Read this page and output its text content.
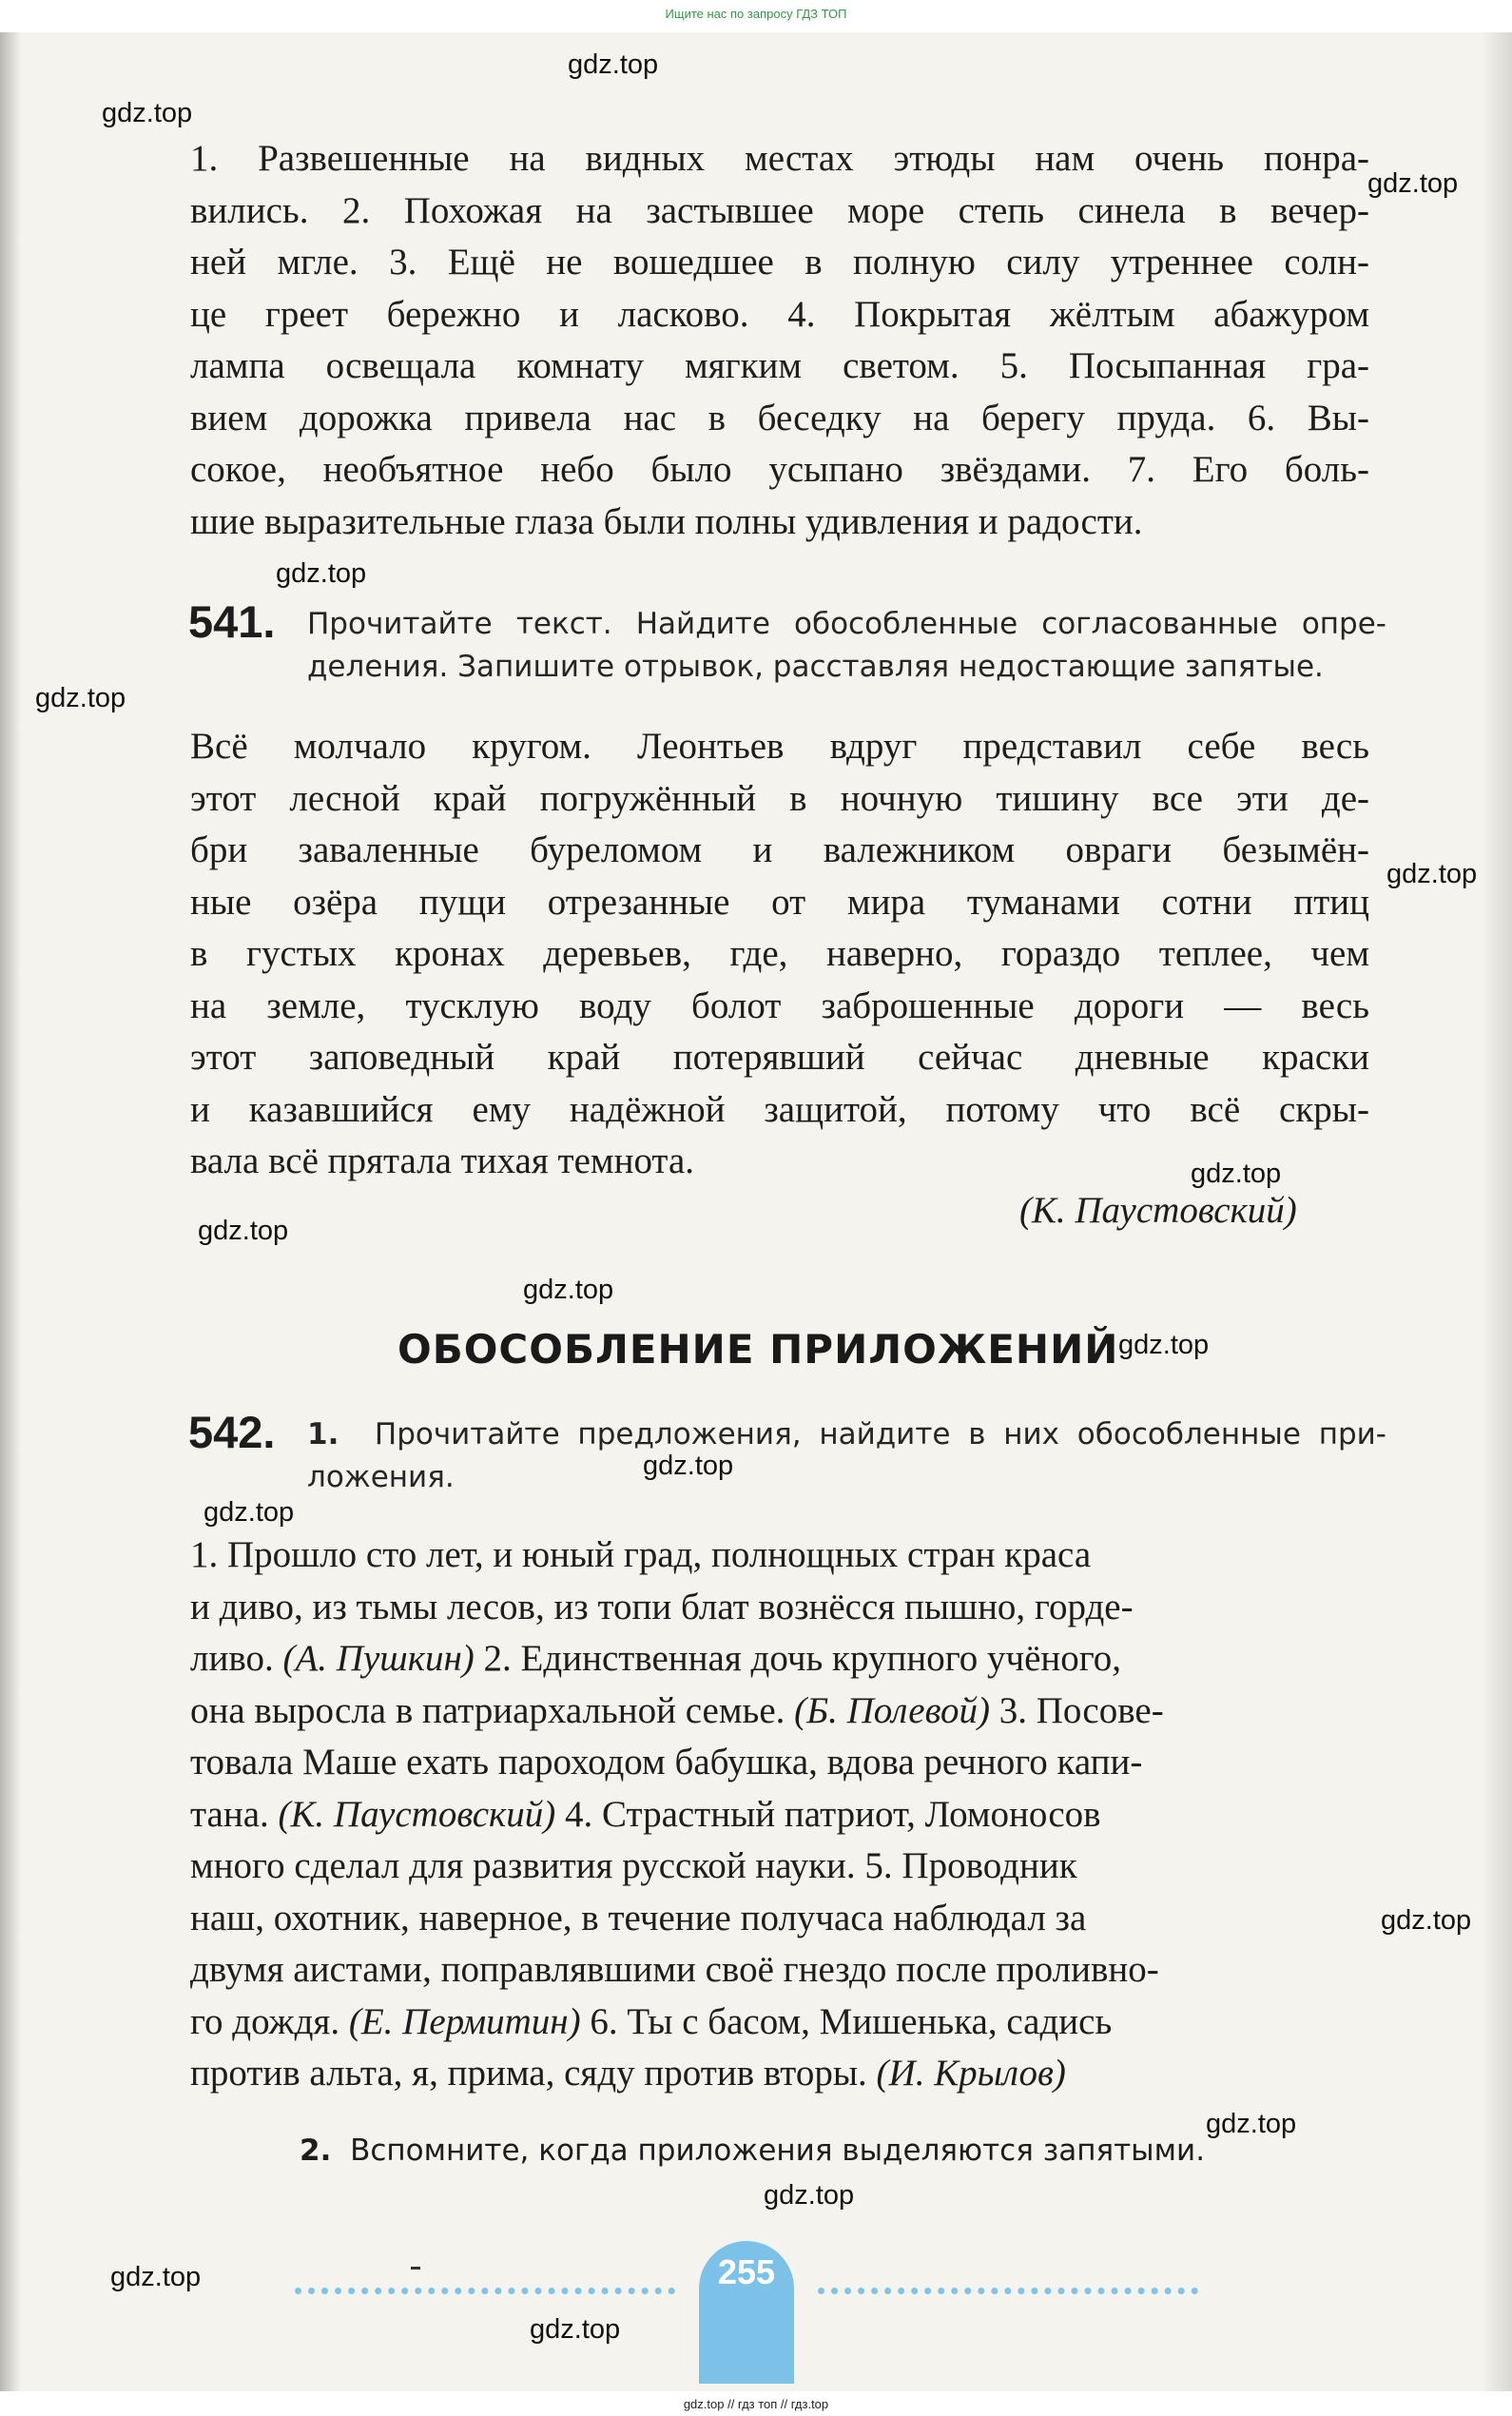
Ищите нас по запросу ГДЗ ТОП
1. Развешенные на видных местах этюды нам очень понра-
вились. 2. Похожая на застывшее море степь синела в вечер-
ней мгле. 3. Ещё не вошедшее в полную силу утреннее солн-
це греет бережно и ласково. 4. Покрытая жёлтым абажуром
лампа освещала комнату мягким светом. 5. Посыпанная гра-
вием дорожка привела нас в беседку на берегу пруда. 6. Вы-
сокое, необъятное небо было усыпано звёздами. 7. Его боль-
шие выразительные глаза были полны удивления и радости.
541. Прочитайте текст. Найдите обособленные согласованные опре-
деления. Запишите отрывок, расставляя недостающие запятые.
Всё молчало кругом. Леонтьев вдруг представил себе весь
этот лесной край погружённый в ночную тишину все эти де-
бри заваленные буреломом и валежником овраги безымён-
ные озёра пущи отрезанные от мира туманами сотни птиц
в густых кронах деревьев, где, наверно, гораздо теплее, чем
на земле, тусклую воду болот заброшенные дороги — весь
этот заповедный край потерявший сейчас дневные краски
и казавшийся ему надёжной защитой, потому что всё скры-
вала всё прятала тихая темнота.
(К. Паустовский)
ОБОСОБЛЕНИЕ ПРИЛОЖЕНИЙ
542. 1. Прочитайте предложения, найдите в них обособленные при-
ложения.
1. Прошло сто лет, и юный град, полнощных стран краса
и диво, из тьмы лесов, из топи блат вознёсся пышно, горде-
ливо. (А. Пушкин) 2. Единственная дочь крупного учёного,
она выросла в патриархальной семье. (Б. Полевой) 3. Посове-
товала Маше ехать пароходом бабушка, вдова речного капи-
тана. (К. Паустовский) 4. Страстный патриот, Ломоносов
много сделал для развития русской науки. 5. Проводник
наш, охотник, наверное, в течение получаса наблюдал за
двумя аистами, поправлявшими своё гнездо после проливно-
го дождя. (Е. Пермитин) 6. Ты с басом, Мишенька, садись
против альта, я, прима, сяду против вторы. (И. Крылов)
2. Вспомните, когда приложения выделяются запятыми.
255
gdz.top
gdz.top
gdz.top
gdz.top
gdz.top
gdz.top
gdz.top
gdz.top
gdz.top
gdz.top
gdz.top
gdz.top
gdz.top
gdz.top
gdz.top
gdz.top
gdz.top
gdz.top // гдз топ // гдз.top
